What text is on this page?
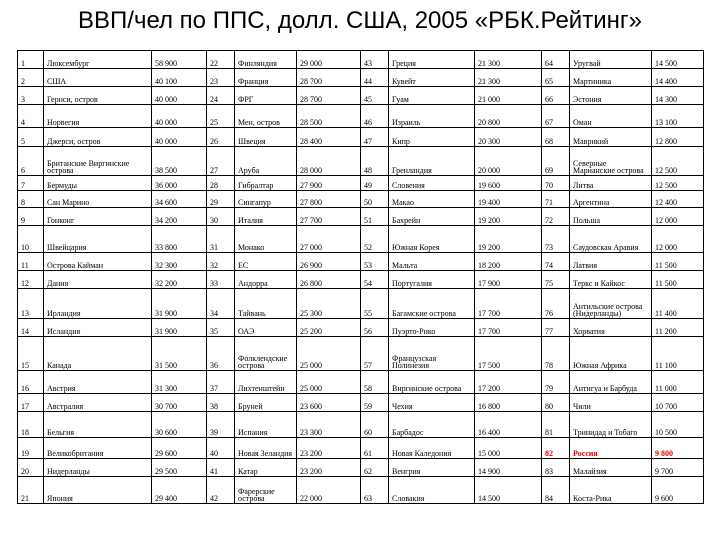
ВВП/чел по ППС, долл. США, 2005 «РБК.Рейтинг»
1	Люксембург	58 900	22	Финляндия	29 000	43	Греция	21 300	64	Уругвай	14 500
2	США	40 100	23	Франция	28 700	44	Кувейт	21 300	65	Мартиника	14 400
3	Гернси, остров	40 000	24	ФРГ	28 700	45	Гуам	21 000	66	Эстония	14 300
4	Норвегия	40 000	25	Мен, остров	28 500	46	Израиль	20 800	67	Оман	13 100
5	Джерси, остров	40 000	26	Швеция	28 400	47	Кипр	20 300	68	Маврикий	12 800
6	Британские Виргинские острова	38 500	27	Аруба	28 000	48	Гренландия	20 000	69	Северные Марианские острова	12 500
7	Бермуды	36 000	28	Гибралтар	27 900	49	Словения	19 600	70	Литва	12 500
8	Сан Марино	34 600	29	Сингапур	27 800	50	Макао	19 400	71	Аргентина	12 400
9	Гонконг	34 200	30	Италия	27 700	51	Бахрейн	19 200	72	Польша	12 000
10	Швейцария	33 800	31	Монако	27 000	52	Южная Корея	19 200	73	Саудовская Аравия	12 000
11	Острова Кайман	32 300	32	ЕС	26 900	53	Мальта	18 200	74	Латвия	11 500
12	Дания	32 200	33	Андорра	26 800	54	Португалия	17 900	75	Теркс и Кайкос	11 500
13	Ирландия	31 900	34	Тайвань	25 300	55	Багамские острова	17 700	76	Антильские острова (Нидерланды)	11 400
14	Исландия	31 900	35	ОАЭ	25 200	56	Пуэрто-Рико	17 700	77	Хорватия	11 200
15	Канада	31 500	36	Фолклендские острова	25 000	57	Французская Полинезия	17 500	78	Южная Африка	11 100
16	Австрия	31 300	37	Лихтенштейн	25 000	58	Виргинские острова	17 200	79	Антигуа и Барбуда	11 000
17	Австралия	30 700	38	Бруней	23 600	59	Чехия	16 800	80	Чили	10 700
18	Бельгия	30 600	39	Испания	23 300	60	Барбадос	16 400	81	Тринидад и Тобаго	10 500
19	Великобритания	29 600	40	Новая Зеландия	23 200	61	Новая Каледония	15 000	82	Россия	9 800
20	Нидерланды	29 500	41	Катар	23 200	62	Венгрия	14 900	83	Малайзия	9 700
21	Япония	29 400	42	Фарерские острова	22 000	63	Словакия	14 500	84	Коста-Рика	9 600
